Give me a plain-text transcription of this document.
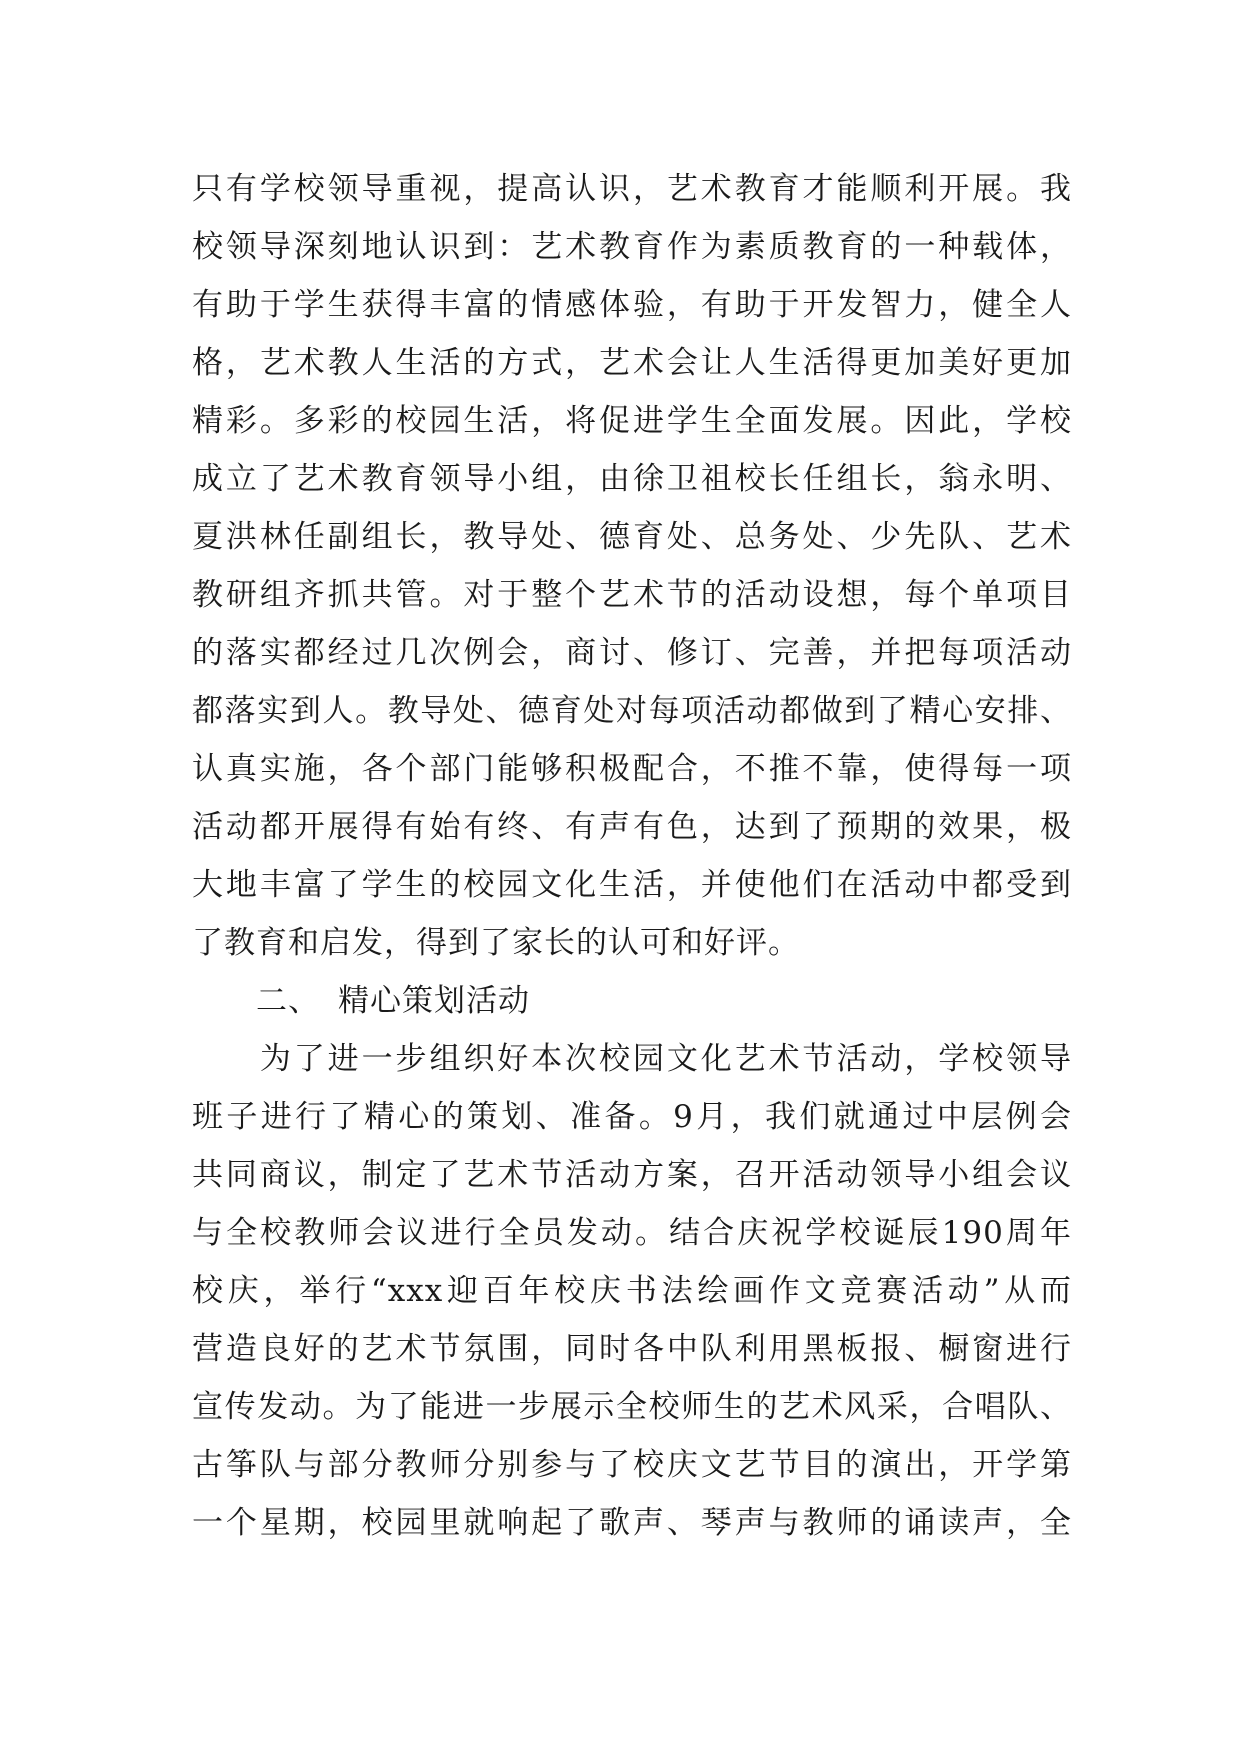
只有学校领导重视，提高认识，艺术教育才能顺利开展。我
校领导深刻地认识到：艺术教育作为素质教育的一种载体，
有助于学生获得丰富的情感体验，有助于开发智力，健全人
格，艺术教人生活的方式，艺术会让人生活得更加美好更加
精彩。多彩的校园生活，将促进学生全面发展。因此，学校
成立了艺术教育领导小组，由徐卫祖校长任组长，翁永明、
夏洪林任副组长，教导处、德育处、总务处、少先队、艺术
教研组齐抓共管。对于整个艺术节的活动设想，每个单项目
的落实都经过几次例会，商讨、修订、完善，并把每项活动
都落实到人。教导处、德育处对每项活动都做到了精心安排、
认真实施，各个部门能够积极配合，不推不靠，使得每一项
活动都开展得有始有终、有声有色，达到了预期的效果，极
大地丰富了学生的校园文化生活，并使他们在活动中都受到
了教育和启发，得到了家长的认可和好评。
二、 精心策划活动
　　为了进一步组织好本次校园文化艺术节活动，学校领导
班子进行了精心的策划、准备。9月，我们就通过中层例会
共同商议，制定了艺术节活动方案，召开活动领导小组会议
与全校教师会议进行全员发动。结合庆祝学校诞辰190周年
校庆，举行“xxx迎百年校庆书法绘画作文竞赛活动”从而
营造良好的艺术节氛围，同时各中队利用黑板报、橱窗进行
宣传发动。为了能进一步展示全校师生的艺术风采，合唱队、
古筝队与部分教师分别参与了校庆文艺节目的演出，开学第
一个星期，校园里就响起了歌声、琴声与教师的诵读声，全
